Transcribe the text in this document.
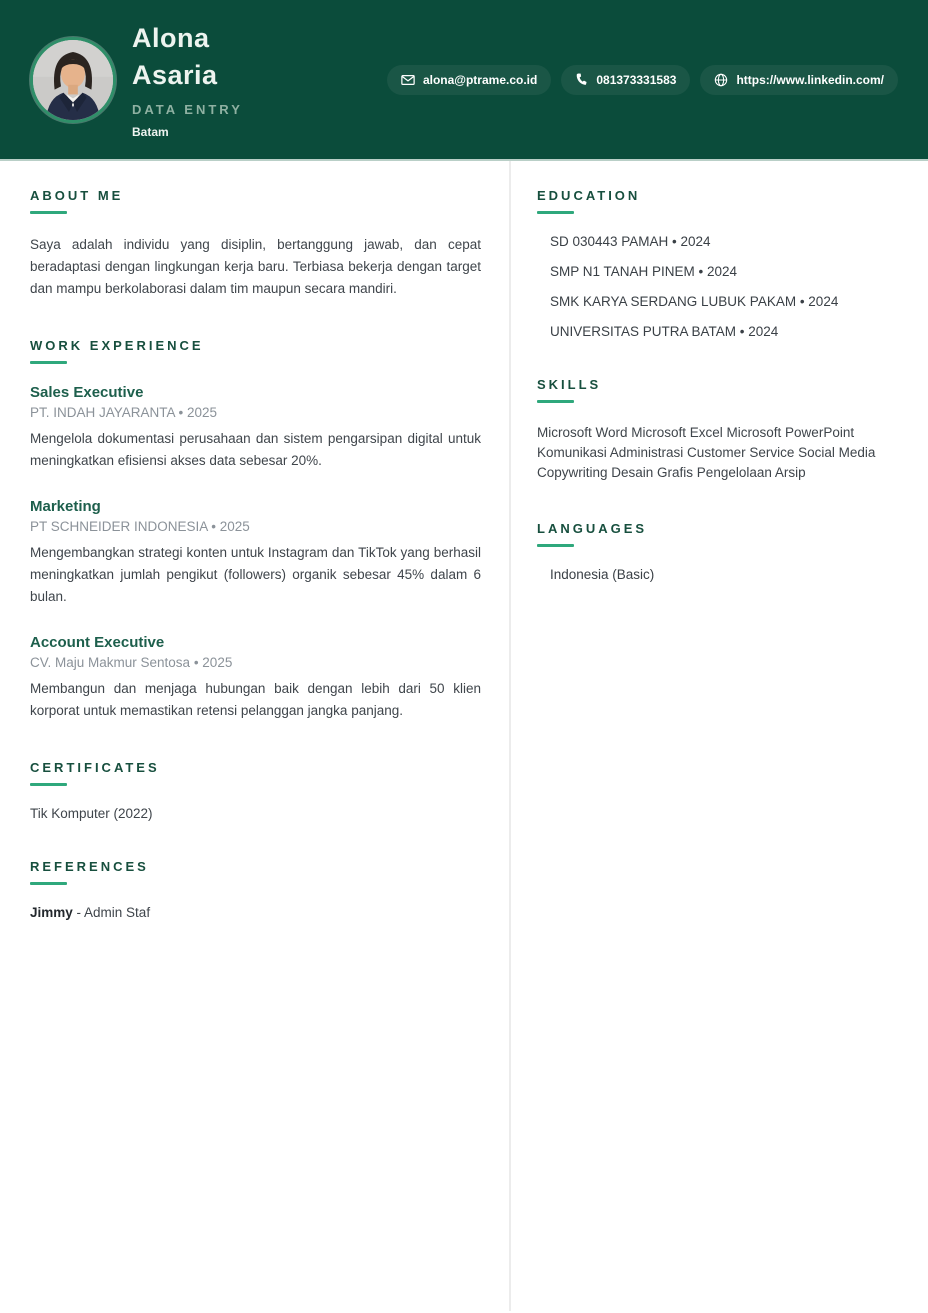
Alona
Asaria
DATA ENTRY
Batam
alona@ptrame.co.id	081373331583	https://www.linkedin.com/
ABOUT ME

Saya adalah individu yang disiplin, bertanggung jawab, dan cepat beradaptasi dengan lingkungan kerja baru. Terbiasa bekerja dengan target dan mampu berkolaborasi dalam tim maupun secara mandiri.

WORK EXPERIENCE
Sales Executive
PT. INDAH JAYARANTA • 2025

Mengelola dokumentasi perusahaan dan sistem pengarsipan digital untuk meningkatkan efisiensi akses data sebesar 20%.

Marketing
PT SCHNEIDER INDONESIA • 2025

Mengembangkan strategi konten untuk Instagram dan TikTok yang berhasil meningkatkan jumlah pengikut (followers) organik sebesar 45% dalam 6 bulan.

Account Executive
CV. Maju Makmur Sentosa • 2025

Membangun dan menjaga hubungan baik dengan lebih dari 50 klien korporat untuk memastikan retensi pelanggan jangka panjang.

CERTIFICATES
Tik Komputer (2022)
REFERENCES
Jimmy - Admin Staf
EDUCATION
SD 030443 PAMAH • 2024
SMP N1 TANAH PINEM • 2024
SMK KARYA SERDANG LUBUK PAKAM • 2024
UNIVERSITAS PUTRA BATAM • 2024
SKILLS
Microsoft Word Microsoft Excel Microsoft PowerPoint Komunikasi Administrasi Customer Service Social Media Copywriting Desain Grafis Pengelolaan Arsip
LANGUAGES
Indonesia (Basic)
